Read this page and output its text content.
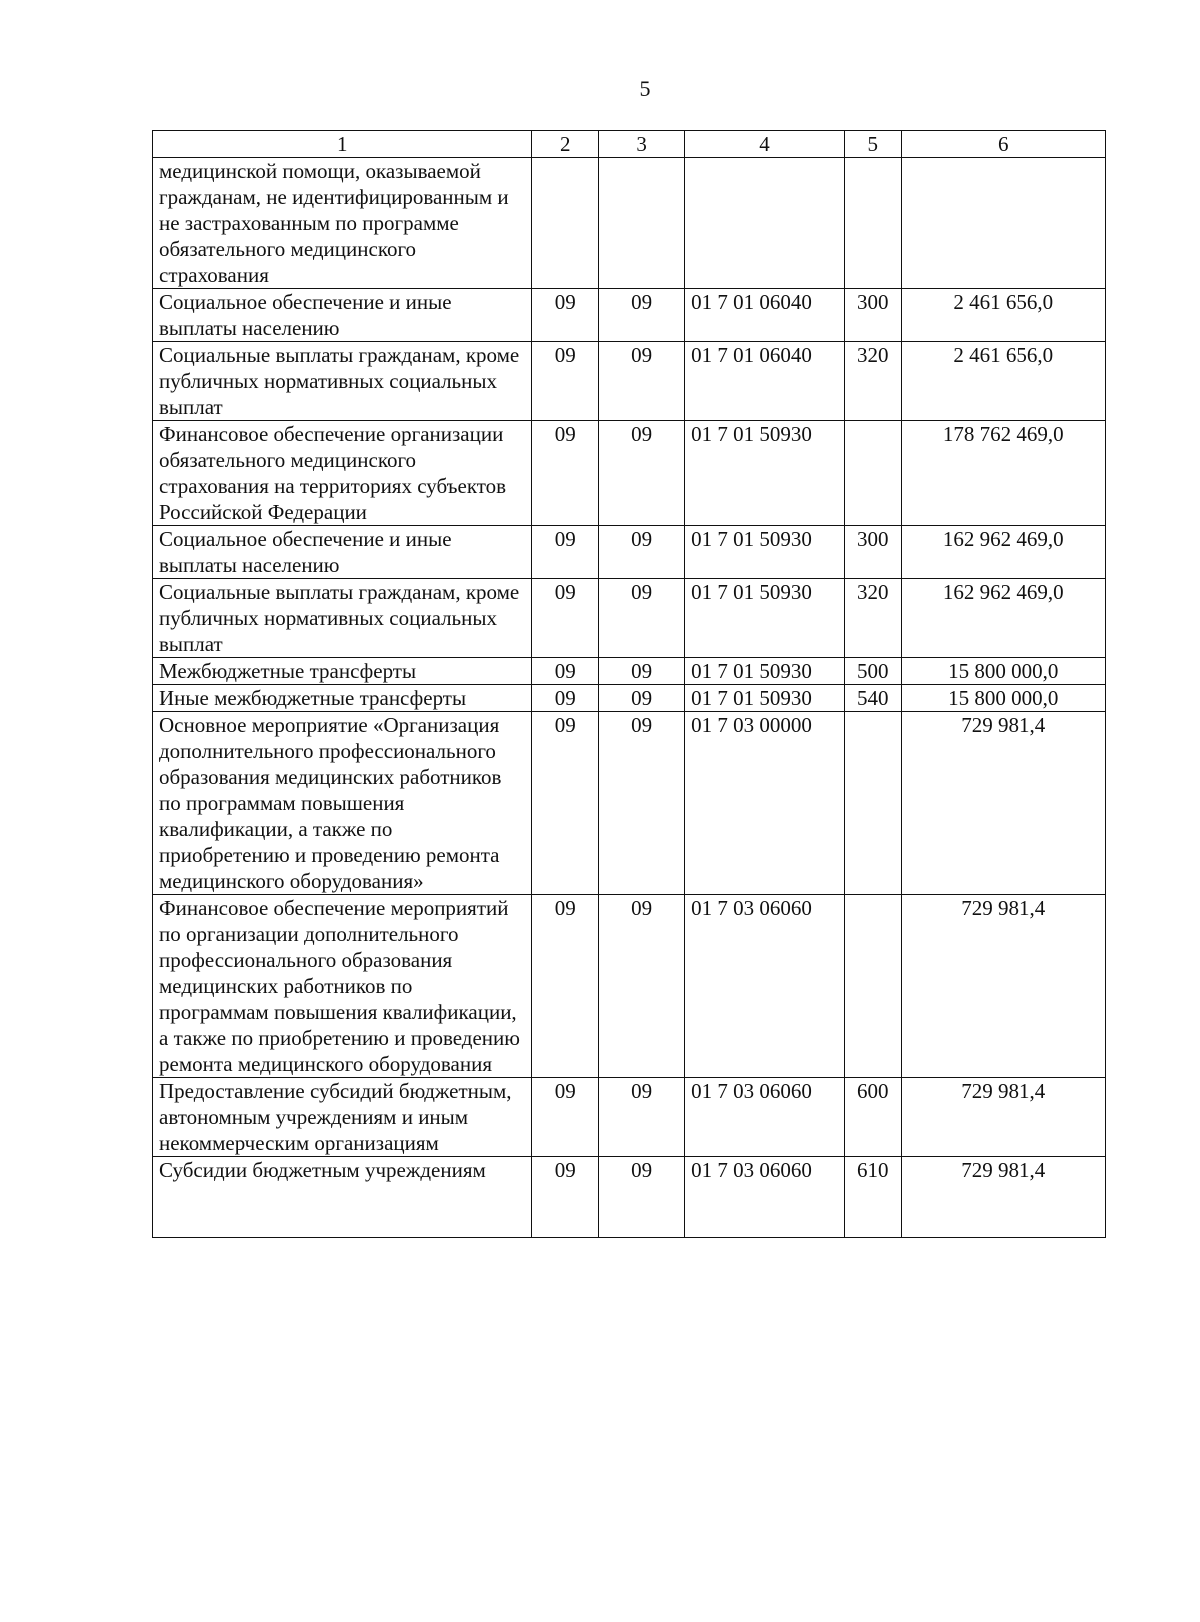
5
1	2	3	4	5	6
медицинской помощи, оказываемой гражданам, не идентифицированным и не застрахованным по программе обязательного медицинского страхования					
Социальное обеспечение и иные выплаты населению	09	09	01 7 01 06040	300	2 461 656,0
Социальные выплаты гражданам, кроме публичных нормативных социальных выплат	09	09	01 7 01 06040	320	2 461 656,0
Финансовое обеспечение организации обязательного медицинского страхования на территориях субъектов Российской Федерации	09	09	01 7 01 50930		178 762 469,0
Социальное обеспечение и иные выплаты населению	09	09	01 7 01 50930	300	162 962 469,0
Социальные выплаты гражданам, кроме публичных нормативных социальных выплат	09	09	01 7 01 50930	320	162 962 469,0
Межбюджетные трансферты	09	09	01 7 01 50930	500	15 800 000,0
Иные межбюджетные трансферты	09	09	01 7 01 50930	540	15 800 000,0
Основное мероприятие «Организация дополнительного профессионального образования медицинских работников по программам повышения квалификации, а также по приобретению и проведению ремонта медицинского оборудования»	09	09	01 7 03 00000		729 981,4
Финансовое обеспечение мероприятий по организации дополнительного профессионального образования медицинских работников по программам повышения квалификации, а также по приобретению и проведению ремонта медицинского оборудования	09	09	01 7 03 06060		729 981,4
Предоставление субсидий бюджетным, автономным учреждениям и иным некоммерческим организациям	09	09	01 7 03 06060	600	729 981,4
Субсидии бюджетным учреждениям	09	09	01 7 03 06060	610	729 981,4
